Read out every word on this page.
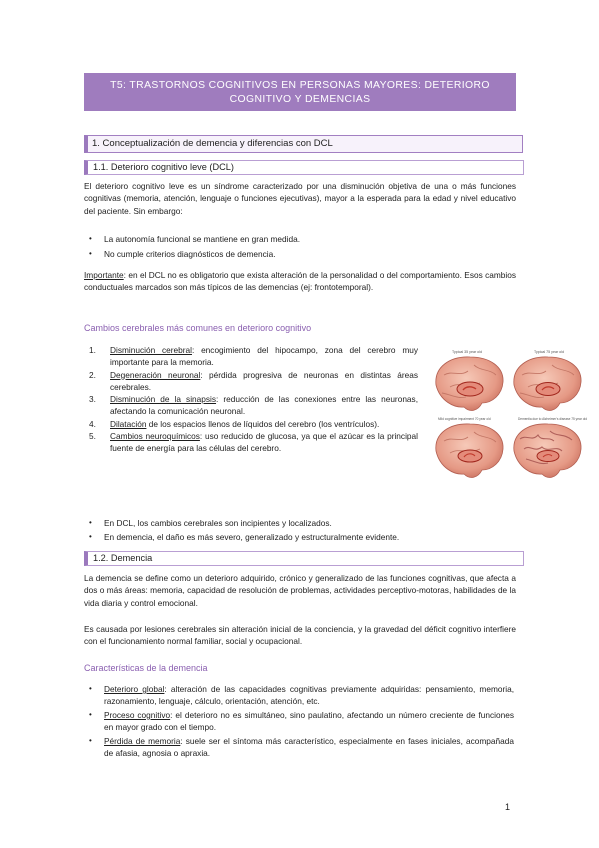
T5: TRASTORNOS COGNITIVOS EN PERSONAS MAYORES: DETERIORO COGNITIVO Y DEMENCIAS
1. Conceptualización de demencia y diferencias con DCL
1.1. Deterioro cognitivo leve (DCL)

El deterioro cognitivo leve es un síndrome caracterizado por una disminución objetiva de una o más funciones cognitivas (memoria, atención, lenguaje o funciones ejecutivas), mayor a la esperada para la edad y nivel educativo del paciente. Sin embargo:

• La autonomía funcional se mantiene en gran medida.
• No cumple criterios diagnósticos de demencia.

Importante: en el DCL no es obligatorio que exista alteración de la personalidad o del comportamiento. Esos cambios conductuales marcados son más típicos de las demencias (ej: frontotemporal).

Cambios cerebrales más comunes en deterioro cognitivo
1. Disminución cerebral: encogimiento del hipocampo, zona del cerebro muy importante para la memoria.
2. Degeneración neuronal: pérdida progresiva de neuronas en distintas áreas cerebrales.
3. Disminución de la sinapsis: reducción de las conexiones entre las neuronas, afectando la comunicación neuronal.
4. Dilatación de los espacios llenos de líquidos del cerebro (los ventrículos).
5. Cambios neuroquímicos: uso reducido de glucosa, ya que el azúcar es la principal fuente de energía para las células del cerebro.
Typical 35 year old	Typical 75 year old
Mild cognitive impairment 70 year old	Dementia due to Alzheimer's disease 75 year old
• En DCL, los cambios cerebrales son incipientes y localizados.
• En demencia, el daño es más severo, generalizado y estructuralmente evidente.
1.2. Demencia

La demencia se define como un deterioro adquirido, crónico y generalizado de las funciones cognitivas, que afecta a dos o más áreas: memoria, capacidad de resolución de problemas, actividades perceptivo-motoras, habilidades de la vida diaria y control emocional.

Es causada por lesiones cerebrales sin alteración inicial de la conciencia, y la gravedad del déficit cognitivo interfiere con el funcionamiento normal familiar, social y ocupacional.

Características de la demencia
• Deterioro global: alteración de las capacidades cognitivas previamente adquiridas: pensamiento, memoria, razonamiento, lenguaje, cálculo, orientación, atención, etc.
• Proceso cognitivo: el deterioro no es simultáneo, sino paulatino, afectando un número creciente de funciones en mayor grado con el tiempo.
• Pérdida de memoria: suele ser el síntoma más característico, especialmente en fases iniciales, acompañada de afasia, agnosia o apraxia.
1
